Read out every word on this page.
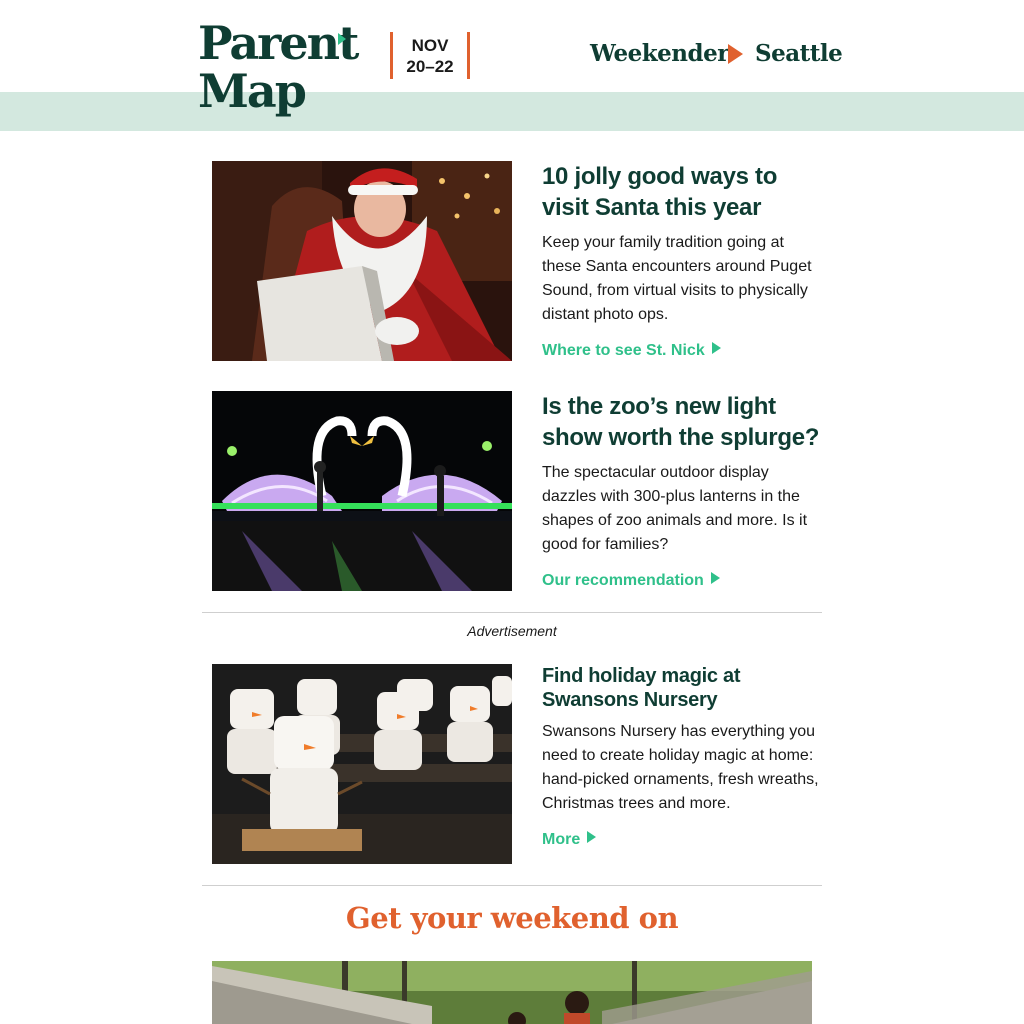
Parent
Map
NOV
20–22	Weekender Seattle
10 jolly good ways to visit Santa this year

Keep your family tradition going at these Santa encounters around Puget Sound, from virtual visits to physically distant photo ops.

Where to see St. Nick
Is the zoo’s new light show worth the splurge?

The spectacular outdoor display dazzles with 300-plus lanterns in the shapes of zoo animals and more. Is it good for families?

Our recommendation
Advertisement
Find holiday magic at Swansons Nursery

Swansons Nursery has everything you need to create holiday magic at home: hand-picked ornaments, fresh wreaths, Christmas trees and more.

More
Get your weekend on
